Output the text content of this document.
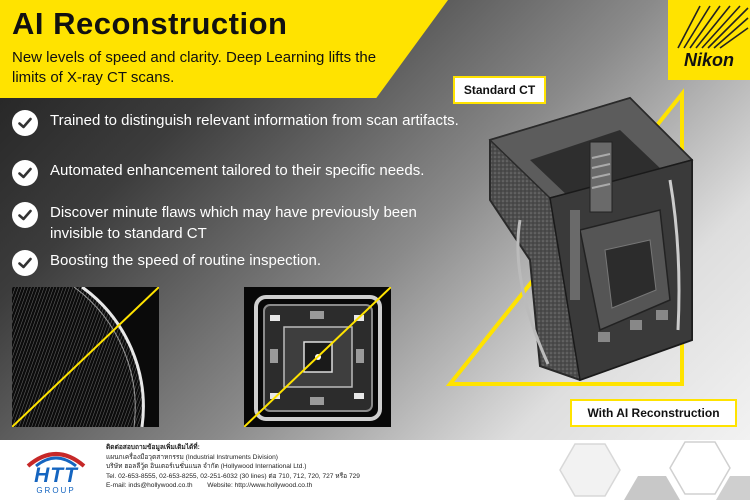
AI Reconstruction
New levels of speed and clarity. Deep Learning lifts the limits of X-ray CT scans.
Nikon
Trained to distinguish relevant information from scan artifacts.
Automated enhancement tailored to their specific needs.
Discover minute flaws which may have previously been invisible to standard CT
Boosting the speed of routine inspection.
Standard CT
With AI Reconstruction
HTT
GROUP
ติดต่อสอบถามข้อมูลเพิ่มเติมได้ที่:
แผนกเครื่องมือวุตสาหกรรม (Industrial Instruments Division)
บริษัท ฮอลลีวู้ด อินเตอร์เนชั่นแนล จำกัด (Hollywood International Ltd.)
Tel. 02-653-8555, 02-653-8255, 02-251-6032 (30 lines) ต่อ 710, 712, 720, 727 หรือ 729
E-mail: inds@hollywood.co.th        Website: http://www.hollywood.co.th
